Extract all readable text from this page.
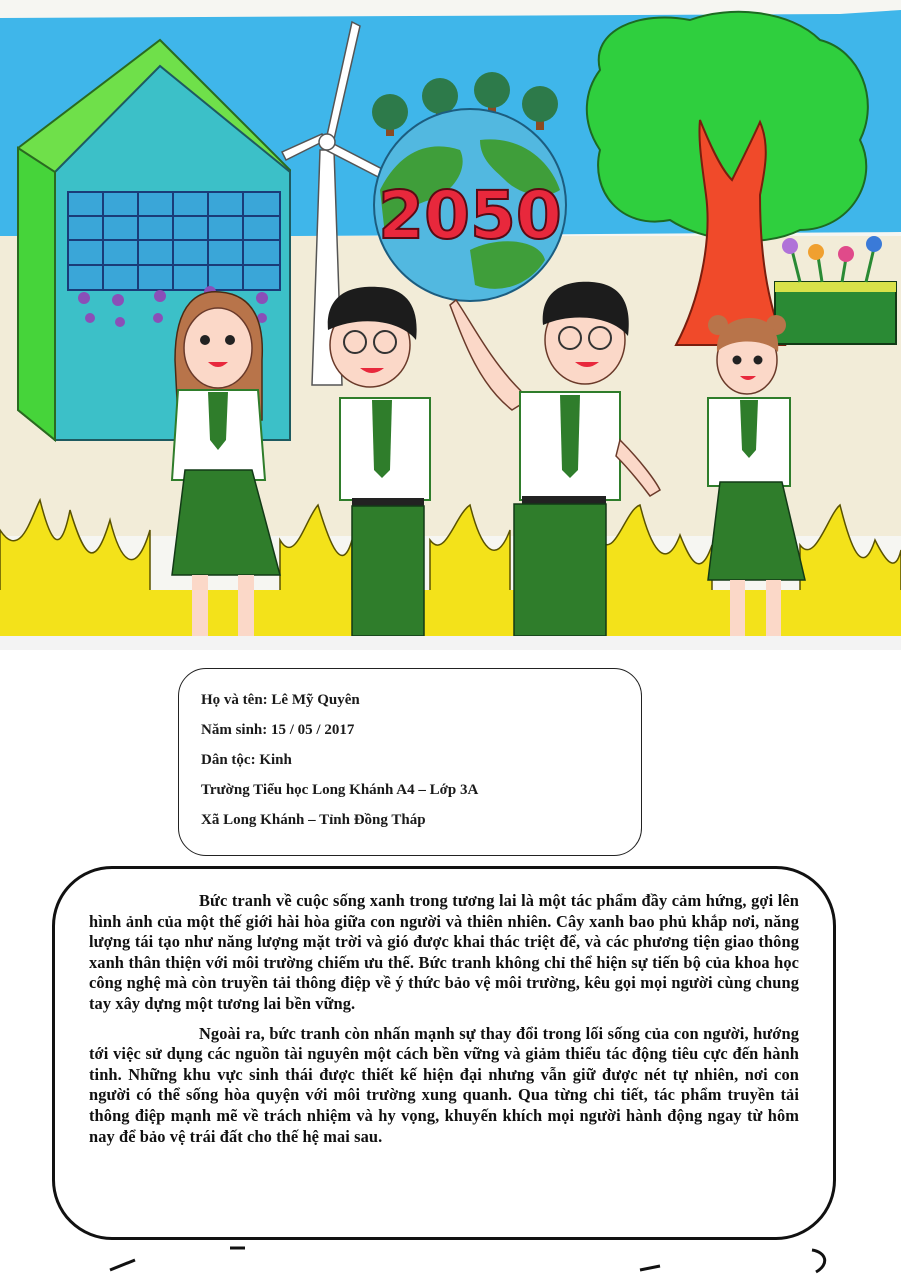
2050

Họ và tên: Lê Mỹ Quyên

Năm sinh: 15 / 05 / 2017

Dân tộc: Kinh

Trường Tiểu học Long Khánh A4 – Lớp 3A

Xã Long Khánh – Tỉnh Đồng Tháp

Bức tranh về cuộc sống xanh trong tương lai là một tác phẩm đầy cảm hứng, gợi lên hình ảnh của một thế giới hài hòa giữa con người và thiên nhiên. Cây xanh bao phủ khắp nơi, năng lượng tái tạo như năng lượng mặt trời và gió được khai thác triệt để, và các phương tiện giao thông xanh thân thiện với môi trường chiếm ưu thế. Bức tranh không chỉ thể hiện sự tiến bộ của khoa học công nghệ mà còn truyền tải thông điệp về ý thức bảo vệ môi trường, kêu gọi mọi người cùng chung tay xây dựng một tương lai bền vững.

Ngoài ra, bức tranh còn nhấn mạnh sự thay đổi trong lối sống của con người, hướng tới việc sử dụng các nguồn tài nguyên một cách bền vững và giảm thiểu tác động tiêu cực đến hành tinh. Những khu vực sinh thái được thiết kế hiện đại nhưng vẫn giữ được nét tự nhiên, nơi con người có thể sống hòa quyện với môi trường xung quanh. Qua từng chi tiết, tác phẩm truyền tải thông điệp mạnh mẽ về trách nhiệm và hy vọng, khuyến khích mọi người hành động ngay từ hôm nay để bảo vệ trái đất cho thế hệ mai sau.
